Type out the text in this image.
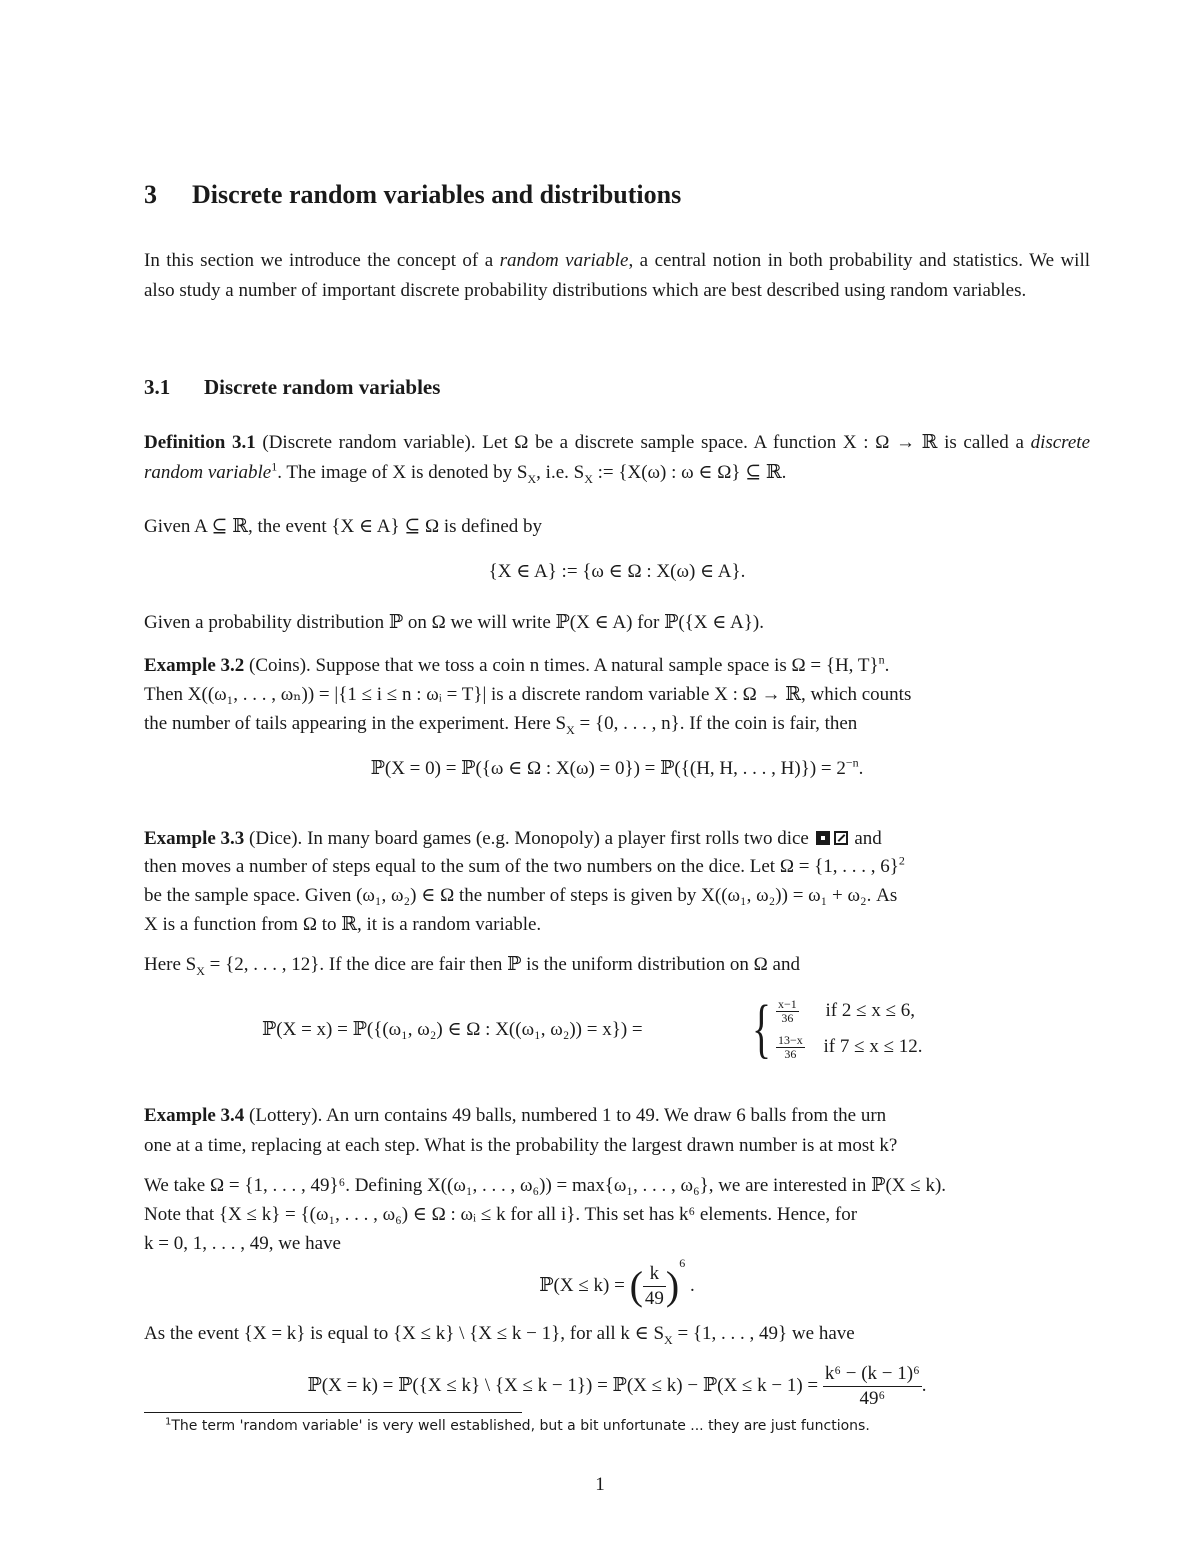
3 Discrete random variables and distributions
In this section we introduce the concept of a random variable, a central notion in both probability and statistics. We will also study a number of important discrete probability distributions which are best described using random variables.
3.1 Discrete random variables
Definition 3.1 (Discrete random variable). Let Ω be a discrete sample space. A function X : Ω → ℝ is called a discrete random variable$^1$. The image of X is denoted by $S_X$, i.e. $S_X$ := {X(ω) : ω ∈ Ω} ⊆ ℝ.
Given A ⊆ ℝ, the event {X ∈ A} ⊆ Ω is defined by
{X ∈ A} := {ω ∈ Ω : X(ω) ∈ A}.
Given a probability distribution ℙ on Ω we will write ℙ(X ∈ A) for ℙ({X ∈ A}).
Example 3.2 (Coins). Suppose that we toss a coin n times. A natural sample space is Ω = {H, T}$^n$.
Then X((ω₁, . . . , ωₙ)) = |{1 ≤ i ≤ n : ωᵢ = T}| is a discrete random variable X : Ω → ℝ, which counts
the number of tails appearing in the experiment. Here $S_X = \{0$, . . . , n}. If the coin is fair, then
ℙ(X = 0) = ℙ({ω ∈ Ω : X(ω) = 0}) = ℙ({(H, H, . . . , $H)\}) = 2^{-n}$.
Example 3.3 (Dice). In many board games (e.g. Monopoly) a player first rolls two dice and
then moves a number of steps equal to the sum of the two numbers on the dice. Let Ω = {1, . . . , 6}$^2$
be the sample space. Given (ω₁, ω₂) ∈ Ω the number of steps is given by X((ω₁, ω₂)) = ω₁ + ω₂. As
X is a function from Ω to ℝ, it is a random variable.
Here $S_X = \{2$, . . . , 12}. If the dice are fair then ℙ is the uniform distribution on Ω and
ℙ(X = x) = ℙ({(ω₁, ω₂) ∈ Ω : X((ω₁, ω₂)) = x}) = { $\frac{x-1}{36}$ if 2 ≤ x ≤ 6,
$\frac{13-x}{36}$ if 7 ≤ x ≤ 12.
Example 3.4 (Lottery). An urn contains 49 balls, numbered 1 to 49. We draw 6 balls from the urn
one at a time, replacing at each step. What is the probability the largest drawn number is at most k?
We take Ω = {1, . . . , 49}⁶. Defining X((ω₁, . . . , ω₆)) = max{ω₁, . . . , ω₆}, we are interested in ℙ(X ≤ k).
Note that {X ≤ k} = {(ω₁, . . . , ω₆) ∈ Ω : ωᵢ ≤ k for all i}. This set has k⁶ elements. Hence, for
k = 0, 1, . . . , 49, we have
ℙ(X ≤ k) = ( $\frac{k}{49} )^6$ .
As the event {X = k} is equal to {X ≤ k} \ {X ≤ k − 1}, for all k ∈ $S_X = \{1$, . . . , 49} we have
ℙ(X = k) = ℙ({X ≤ k} \ {X ≤ k − 1}) = ℙ(X ≤ k) − ℙ(X ≤ $k - 1) = \frac{\text{k⁶ − (k − 1)⁶}}{\text{49⁶}}$ .
$^1$The term 'random variable' is very well established, but a bit unfortunate ... they are just functions.
1
